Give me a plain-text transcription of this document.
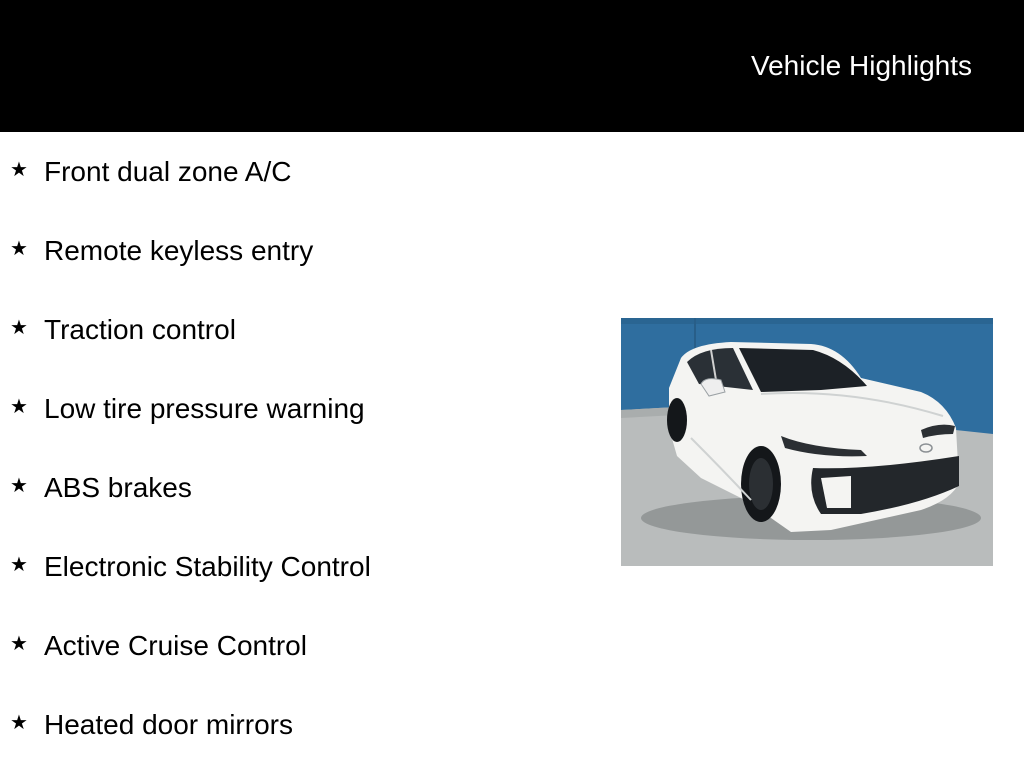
Vehicle Highlights
★ Front dual zone A/C
★ Remote keyless entry
★ Traction control
★ Low tire pressure warning
★ ABS brakes
★ Electronic Stability Control
★ Active Cruise Control
★ Heated door mirrors
